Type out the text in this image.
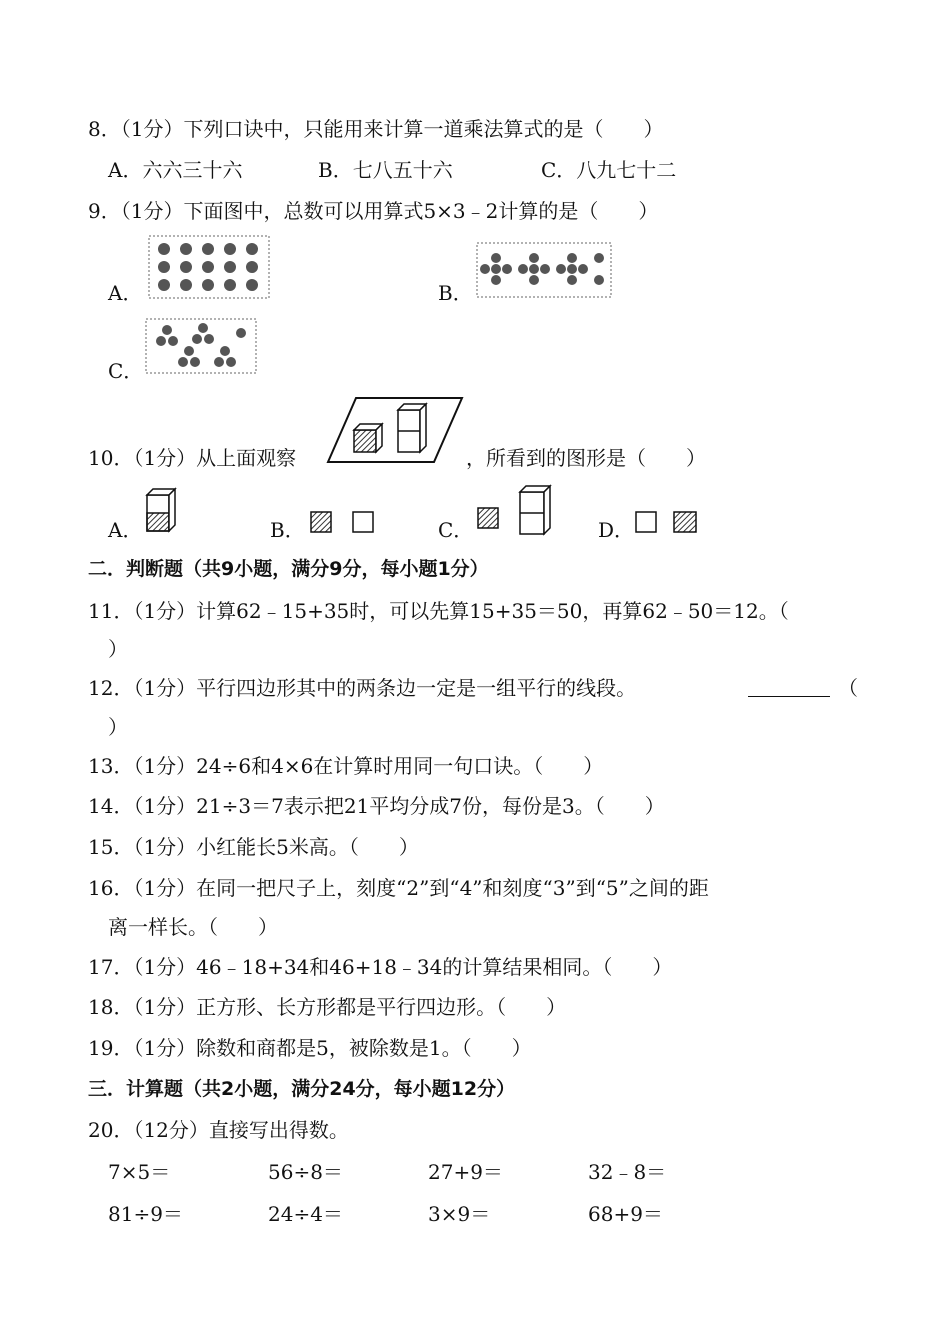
8．（1分）下列口诀中，只能用来计算一道乘法算式的是（　　）
A．六六三十六	B．七八五十六	C．八九七十二
9．（1分）下面图中，总数可以用算式5×3﹣2计算的是（　　）
A．	B．
C．
10．（1分）从上面观察	，所看到的图形是（　　）
A．	B．	C．	D．
二．判断题（共9小题，满分9分，每小题1分）
11．（1分）计算62﹣15+35时，可以先算15+35＝50，再算62﹣50＝12。（
）
12．（1分）平行四边形其中的两条边一定是一组平行的线段。	（
）
13．（1分）24÷6和4×6在计算时用同一句口诀。（　　）
14．（1分）21÷3＝7表示把21平均分成7份，每份是3。（　　）
15．（1分）小红能长5米高。（　　）
16．（1分）在同一把尺子上，刻度“2”到“4”和刻度“3”到“5”之间的距
离一样长。（　　）
17．（1分）46﹣18+34和46+18﹣34的计算结果相同。（　　）
18．（1分）正方形、长方形都是平行四边形。（　　）
19．（1分）除数和商都是5，被除数是1。（　　）
三．计算题（共2小题，满分24分，每小题12分）
20．（12分）直接写出得数。
7×5＝	56÷8＝	27+9＝	32﹣8＝
81÷9＝	24÷4＝	3×9＝	68+9＝
